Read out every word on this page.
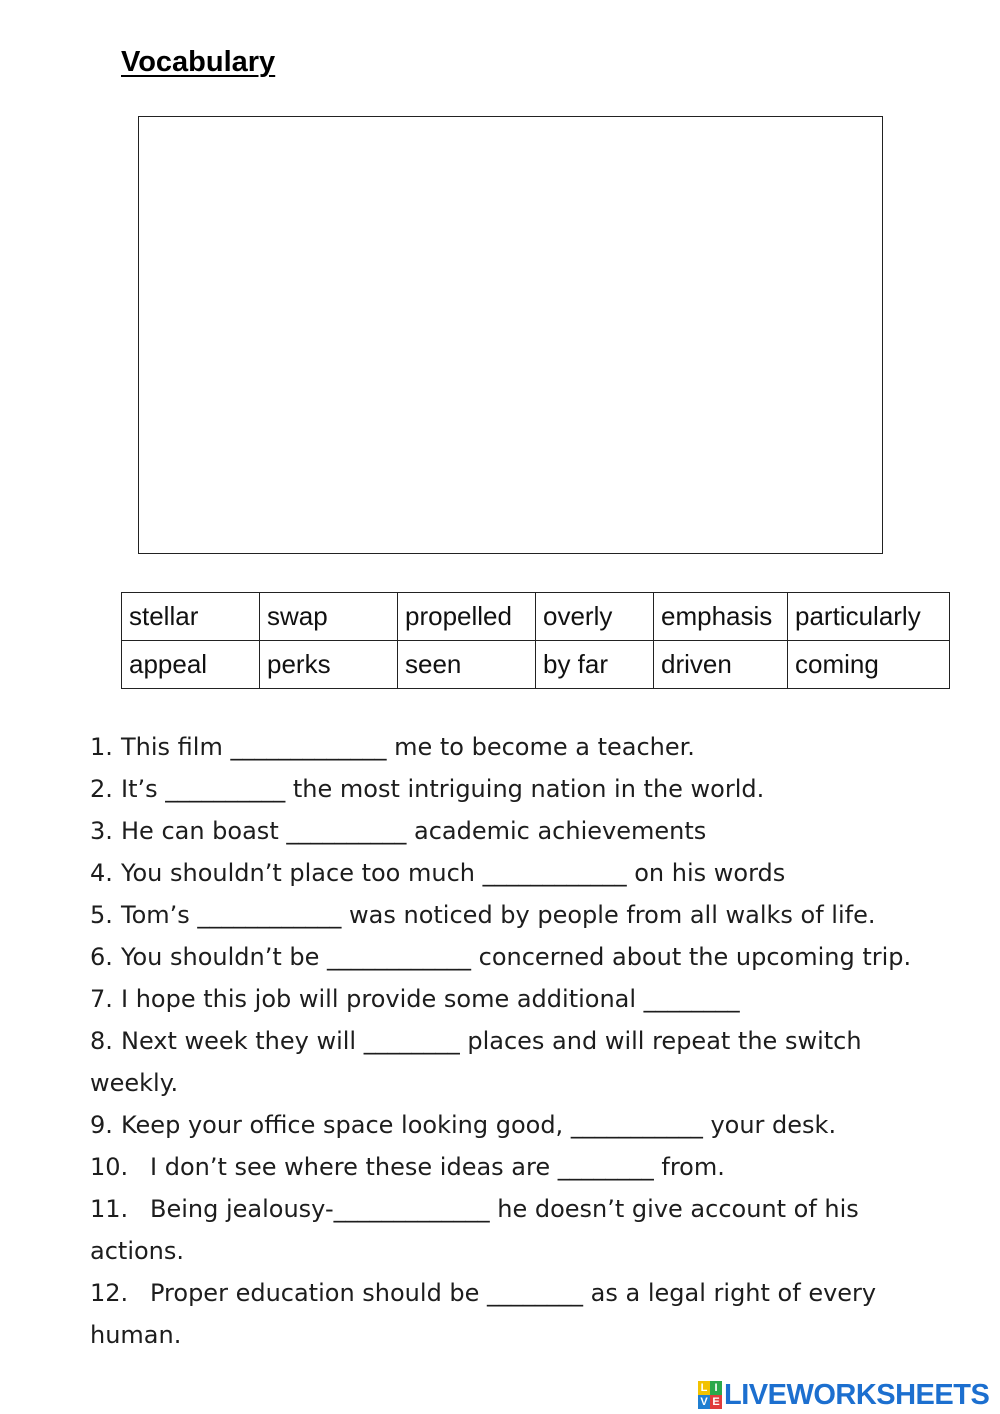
Vocabulary
stellar	swap	propelled	overly	emphasis	particularly
appeal	perks	seen	by far	driven	coming
1. This film _____________ me to become a teacher.
2. It’s __________ the most intriguing nation in the world.
3. He can boast __________ academic achievements
4. You shouldn’t place too much ____________ on his words
5. Tom’s ____________ was noticed by people from all walks of life.
6. You shouldn’t be ____________ concerned about the upcoming trip.
7. I hope this job will provide some additional ________
8. Next week they will ________ places and will repeat the switch
weekly.
9. Keep your office space looking good, ___________ your desk.
10. I don’t see where these ideas are ________ from.
11. Being jealousy-_____________ he doesn’t give account of his
actions.
12. Proper education should be ________ as a legal right of every
human.
L I
V E LIVEWORKSHEETS
